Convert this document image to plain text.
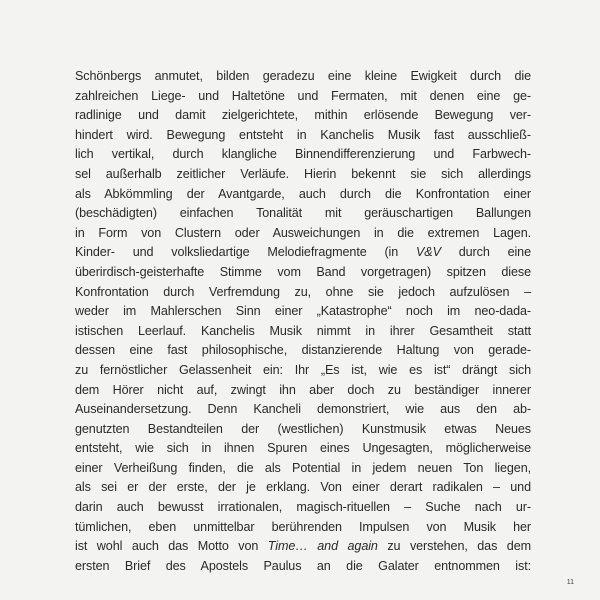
Schönbergs anmutet, bilden geradezu eine kleine Ewigkeit durch die
zahlreichen Liege- und Haltetöne und Fermaten, mit denen eine ge-
radlinige und damit zielgerichtete, mithin erlösende Bewegung ver-
hindert wird. Bewegung entsteht in Kanchelis Musik fast ausschließ-
lich vertikal, durch klangliche Binnendifferenzierung und Farbwech-
sel außerhalb zeitlicher Verläufe. Hierin bekennt sie sich allerdings
als Abkömmling der Avantgarde, auch durch die Konfrontation einer
(beschädigten) einfachen Tonalität mit geräuschartigen Ballungen
in Form von Clustern oder Ausweichungen in die extremen Lagen.
Kinder- und volksliedartige Melodiefragmente (in V&V durch eine
überirdisch-geisterhafte Stimme vom Band vorgetragen) spitzen diese
Konfrontation durch Verfremdung zu, ohne sie jedoch aufzulösen –
weder im Mahlerschen Sinn einer „Katastrophe“ noch im neo-dada-
istischen Leerlauf. Kanchelis Musik nimmt in ihrer Gesamtheit statt
dessen eine fast philosophische, distanzierende Haltung von gerade-
zu fernöstlicher Gelassenheit ein: Ihr „Es ist, wie es ist“ drängt sich
dem Hörer nicht auf, zwingt ihn aber doch zu beständiger innerer
Auseinandersetzung. Denn Kancheli demonstriert, wie aus den ab-
genutzten Bestandteilen der (westlichen) Kunstmusik etwas Neues
entsteht, wie sich in ihnen Spuren eines Ungesagten, möglicherweise
einer Verheißung finden, die als Potential in jedem neuen Ton liegen,
als sei er der erste, der je erklang. Von einer derart radikalen – und
darin auch bewusst irrationalen, magisch-rituellen – Suche nach ur-
tümlichen, eben unmittelbar berührenden Impulsen von Musik her
ist wohl auch das Motto von Time… and again zu verstehen, das dem
ersten Brief des Apostels Paulus an die Galater entnommen ist:
11
